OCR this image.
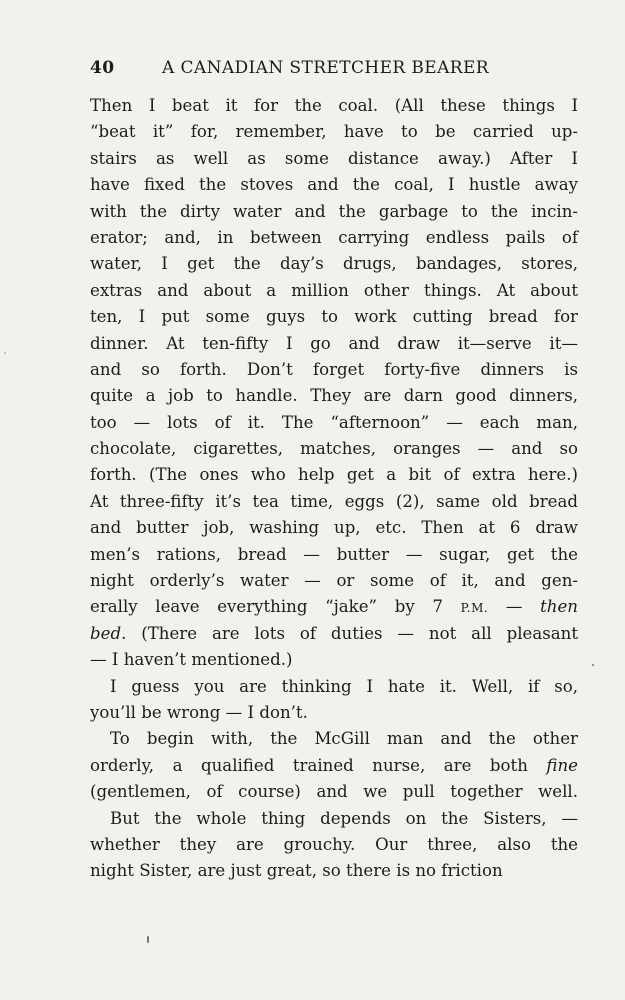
40	A CANADIAN STRETCHER BEARER
Then I beat it for the coal. (All these things I
“beat it” for, remember, have to be carried up-
stairs as well as some distance away.) After I
have fixed the stoves and the coal, I hustle away
with the dirty water and the garbage to the incin-
erator; and, in between carrying endless pails of
water, I get the day’s drugs, bandages, stores,
extras and about a million other things. At about
ten, I put some guys to work cutting bread for
dinner. At ten-fifty I go and draw it—serve it—
and so forth. Don’t forget forty-five dinners is
quite a job to handle. They are darn good dinners,
too — lots of it. The “afternoon” — each man,
chocolate, cigarettes, matches, oranges — and so
forth. (The ones who help get a bit of extra here.)
At three-fifty it’s tea time, eggs (2), same old bread
and butter job, washing up, etc. Then at 6 draw
men’s rations, bread — butter — sugar, get the
night orderly’s water — or some of it, and gen-
erally leave everything “jake” by 7 P.M. — then
bed. (There are lots of duties — not all pleasant
— I haven’t mentioned.)
I guess you are thinking I hate it. Well, if so,
you’ll be wrong — I don’t.
To begin with, the McGill man and the other
orderly, a qualified trained nurse, are both fine
(gentlemen, of course) and we pull together well.
But the whole thing depends on the Sisters, —
whether they are grouchy. Our three, also the
night Sister, are just great, so there is no friction
